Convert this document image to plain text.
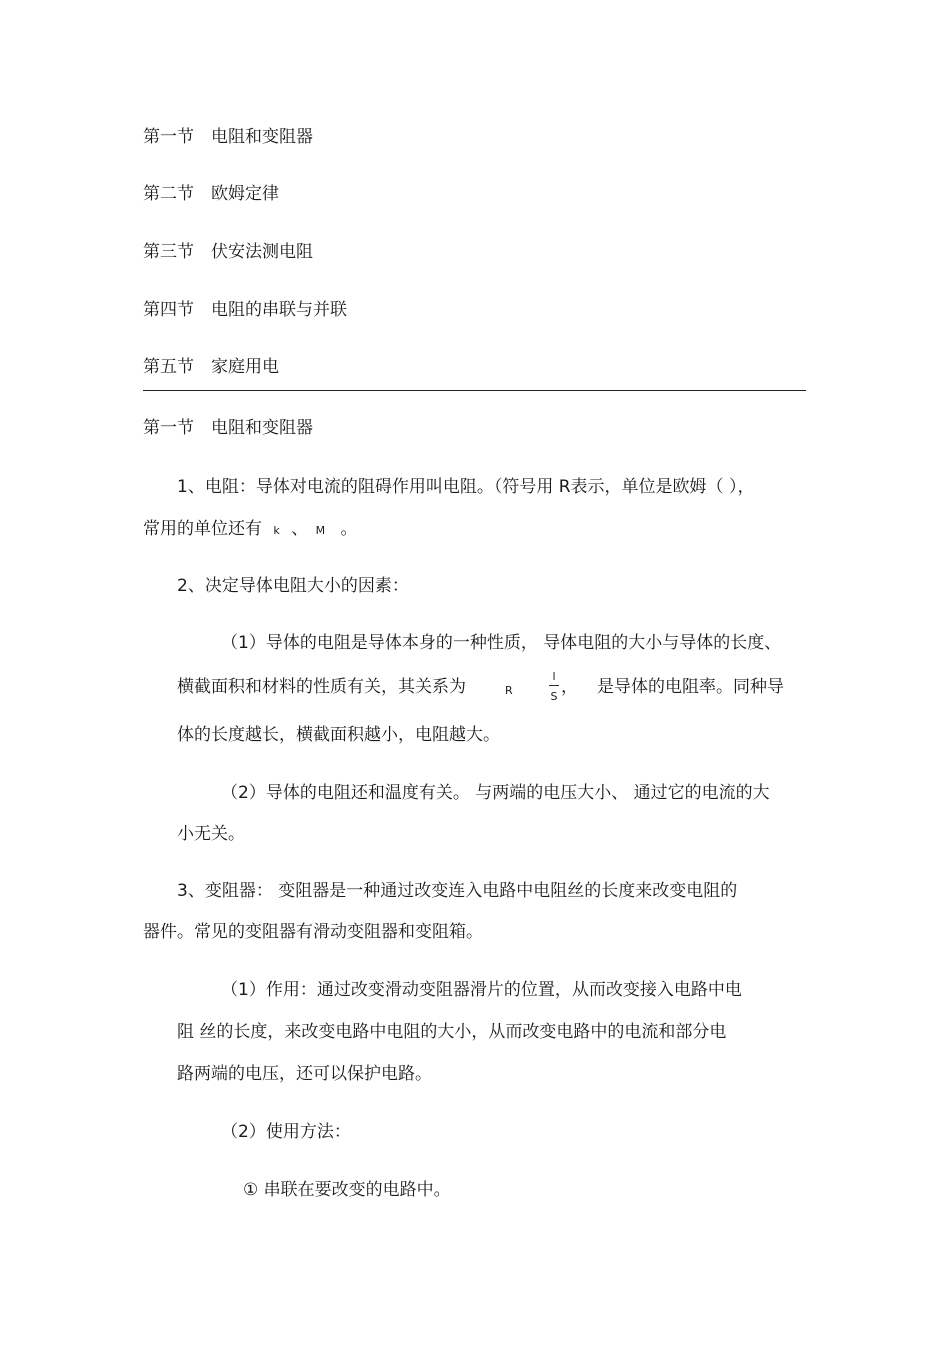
第一节 电阻和变阻器
第二节 欧姆定律
第三节 伏安法测电阻
第四节 电阻的串联与并联
第五节 家庭用电
第一节 电阻和变阻器
1、电阻：导体对电流的阻碍作用叫电阻。（符号用 R表示，单位是欧姆（ ），
常用的单位还有 k 、 M 。
2、决定导体电阻大小的因素：
（1）导体的电阻是导体本身的一种性质， 导体电阻的大小与导体的长度、
横截面积和材料的性质有关，其关系为	R
l
S ， 是导体的电阻率。同种导
体的长度越长，横截面积越小，电阻越大。
（2）导体的电阻还和温度有关。 与两端的电压大小、 通过它的电流的大
小无关。
3、变阻器： 变阻器是一种通过改变连入电路中电阻丝的长度来改变电阻的
器件。常见的变阻器有滑动变阻器和变阻箱。
（1）作用：通过改变滑动变阻器滑片的位置，从而改变接入电路中电
阻 丝的长度，来改变电路中电阻的大小，从而改变电路中的电流和部分电
路两端的电压，还可以保护电路。
（2）使用方法：
① 串联在要改变的电路中。
